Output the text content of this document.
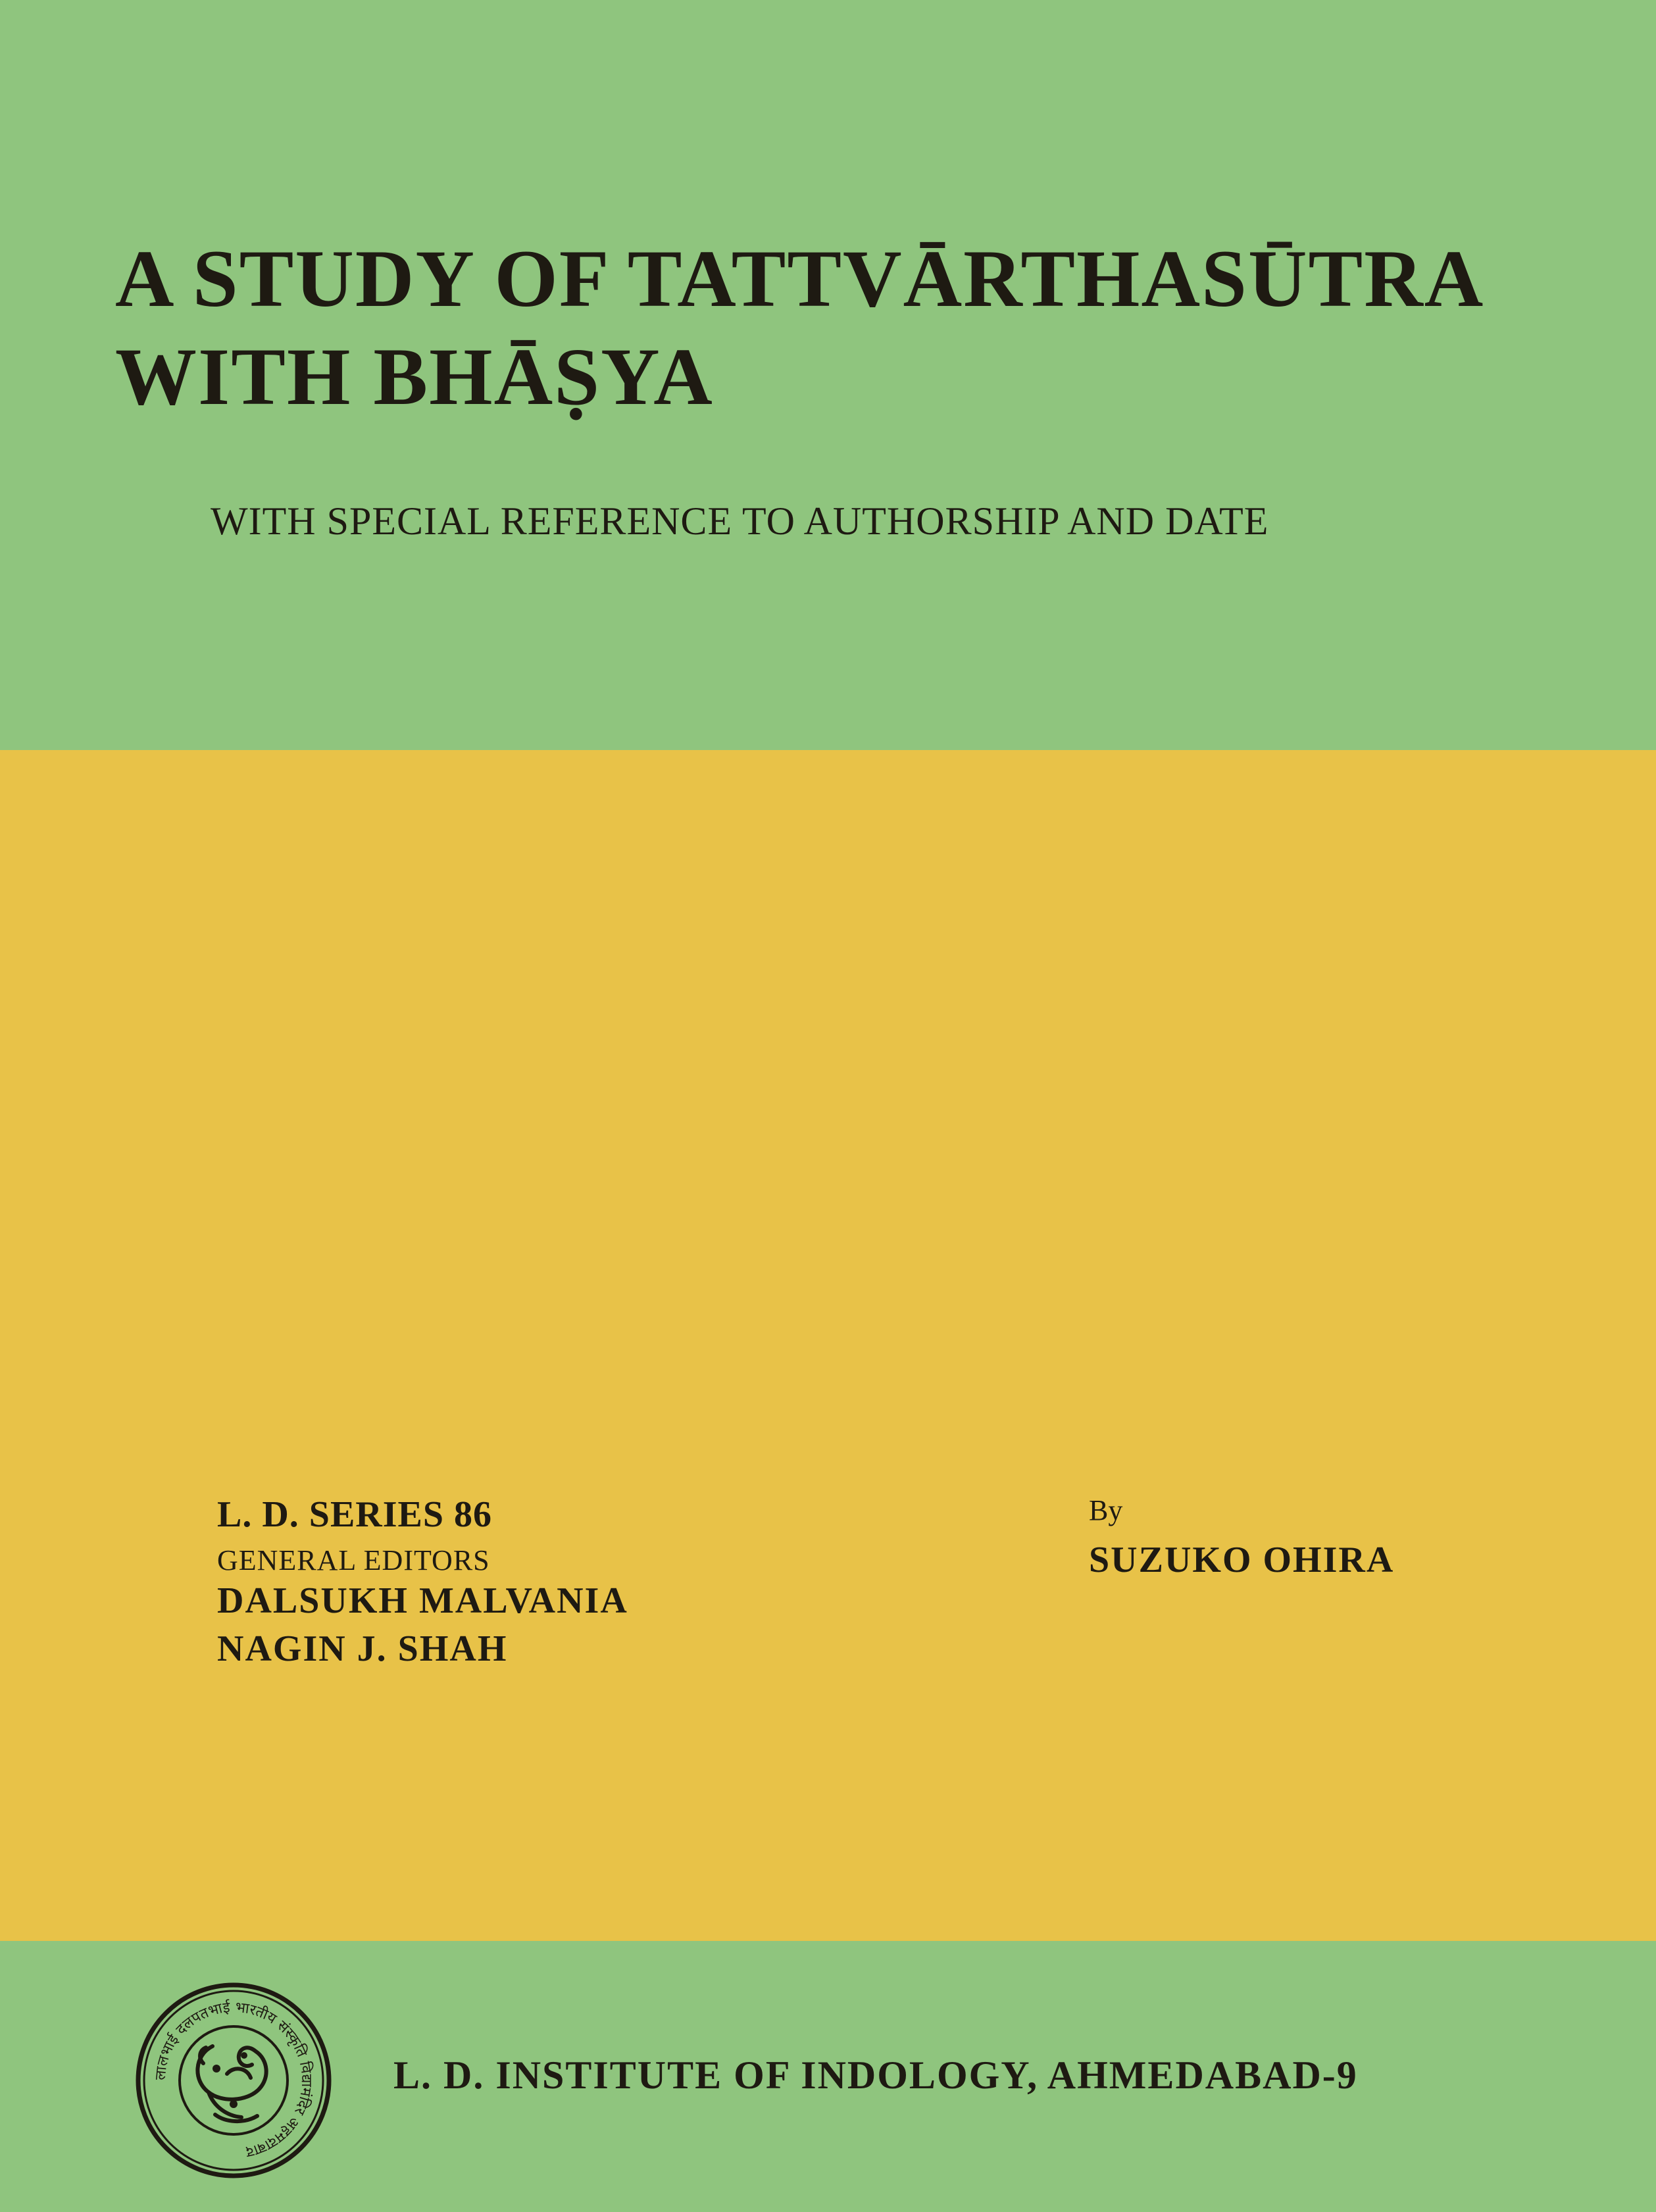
A STUDY OF TATTVĀRTHASŪTRA
WITH BHĀṢYA
WITH SPECIAL REFERENCE TO AUTHORSHIP AND DATE
L. D. SERIES 86
GENERAL EDITORS
DALSUKH MALVANIA
NAGIN J. SHAH
By
SUZUKO OHIRA
लालभाई दलपतभाई भारतीय संस्कृति विद्यामंदिर अहमदाबाद
L. D. INSTITUTE OF INDOLOGY, AHMEDABAD-9
